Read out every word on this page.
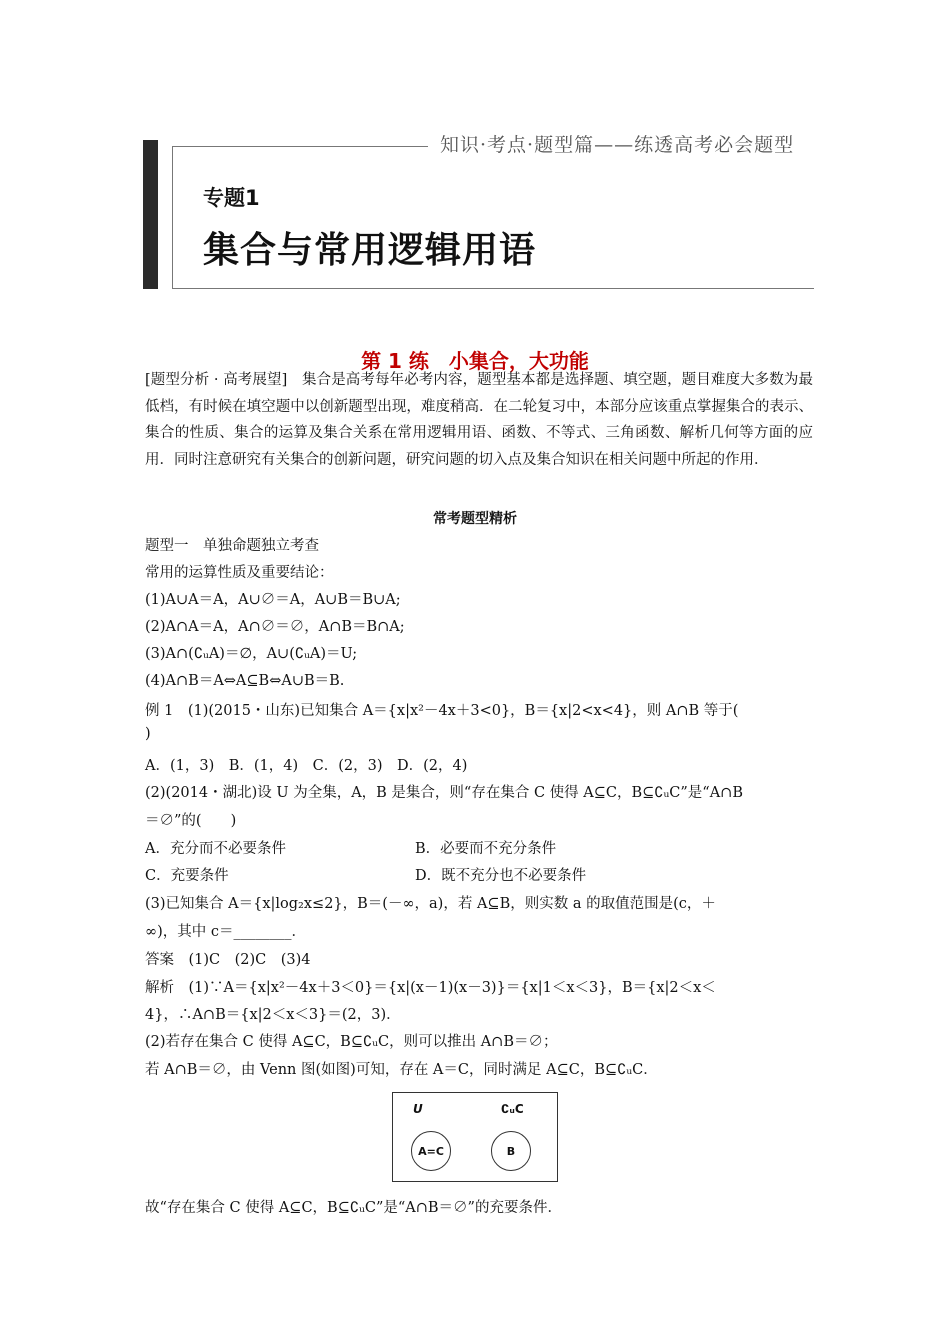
知识·考点·题型篇——练透高考必会题型
专题1
集合与常用逻辑用语
第 1 练　小集合，大功能
[题型分析 · 高考展望]　集合是高考每年必考内容，题型基本都是选择题、填空题，题目难度大多数为最低档，有时候在填空题中以创新题型出现，难度稍高．在二轮复习中，本部分应该重点掌握集合的表示、集合的性质、集合的运算及集合关系在常用逻辑用语、函数、不等式、三角函数、解析几何等方面的应用．同时注意研究有关集合的创新问题，研究问题的切入点及集合知识在相关问题中所起的作用．
常考题型精析
题型一　单独命题独立考查
常用的运算性质及重要结论：
(1)A∪A＝A，A∪∅＝A，A∪B＝B∪A;
(2)A∩A＝A，A∩∅＝∅，A∩B＝B∩A;
(3)A∩(∁ᵤA)＝∅，A∪(∁ᵤA)＝U;
(4)A∩B＝A⇔A⊆B⇔A∪B＝B.
例 1　(1)(2015・山东)已知集合 A＝{x|x²－4x＋3<0}，B＝{x|2<x<4}，则 A∩B 等于(
)
A．(1，3)　B．(1，4)　C．(2，3)　D．(2，4)
(2)(2014・湖北)设 U 为全集，A，B 是集合，则“存在集合 C 使得 A⊆C，B⊆∁ᵤC”是“A∩B
＝∅”的(　　)
A．充分而不必要条件	B．必要而不充分条件
C．充要条件	D．既不充分也不必要条件
(3)已知集合 A＝{x|log₂x≤2}，B＝(－∞，a)，若 A⊆B，则实数 a 的取值范围是(c，＋
∞)，其中 c＝________．
答案　(1)C　(2)C　(3)4
解析　(1)∵A＝{x|x²－4x＋3＜0}＝{x|(x－1)(x－3)}＝{x|1＜x＜3}，B＝{x|2＜x＜
4}，∴A∩B＝{x|2＜x＜3}＝(2，3)．
(2)若存在集合 C 使得 A⊆C，B⊆∁ᵤC，则可以推出 A∩B＝∅；
若 A∩B＝∅，由 Venn 图(如图)可知，存在 A＝C，同时满足 A⊆C，B⊆∁ᵤC．
U	∁ᵤC
A=C	B
故“存在集合 C 使得 A⊆C，B⊆∁ᵤC”是“A∩B＝∅”的充要条件．
